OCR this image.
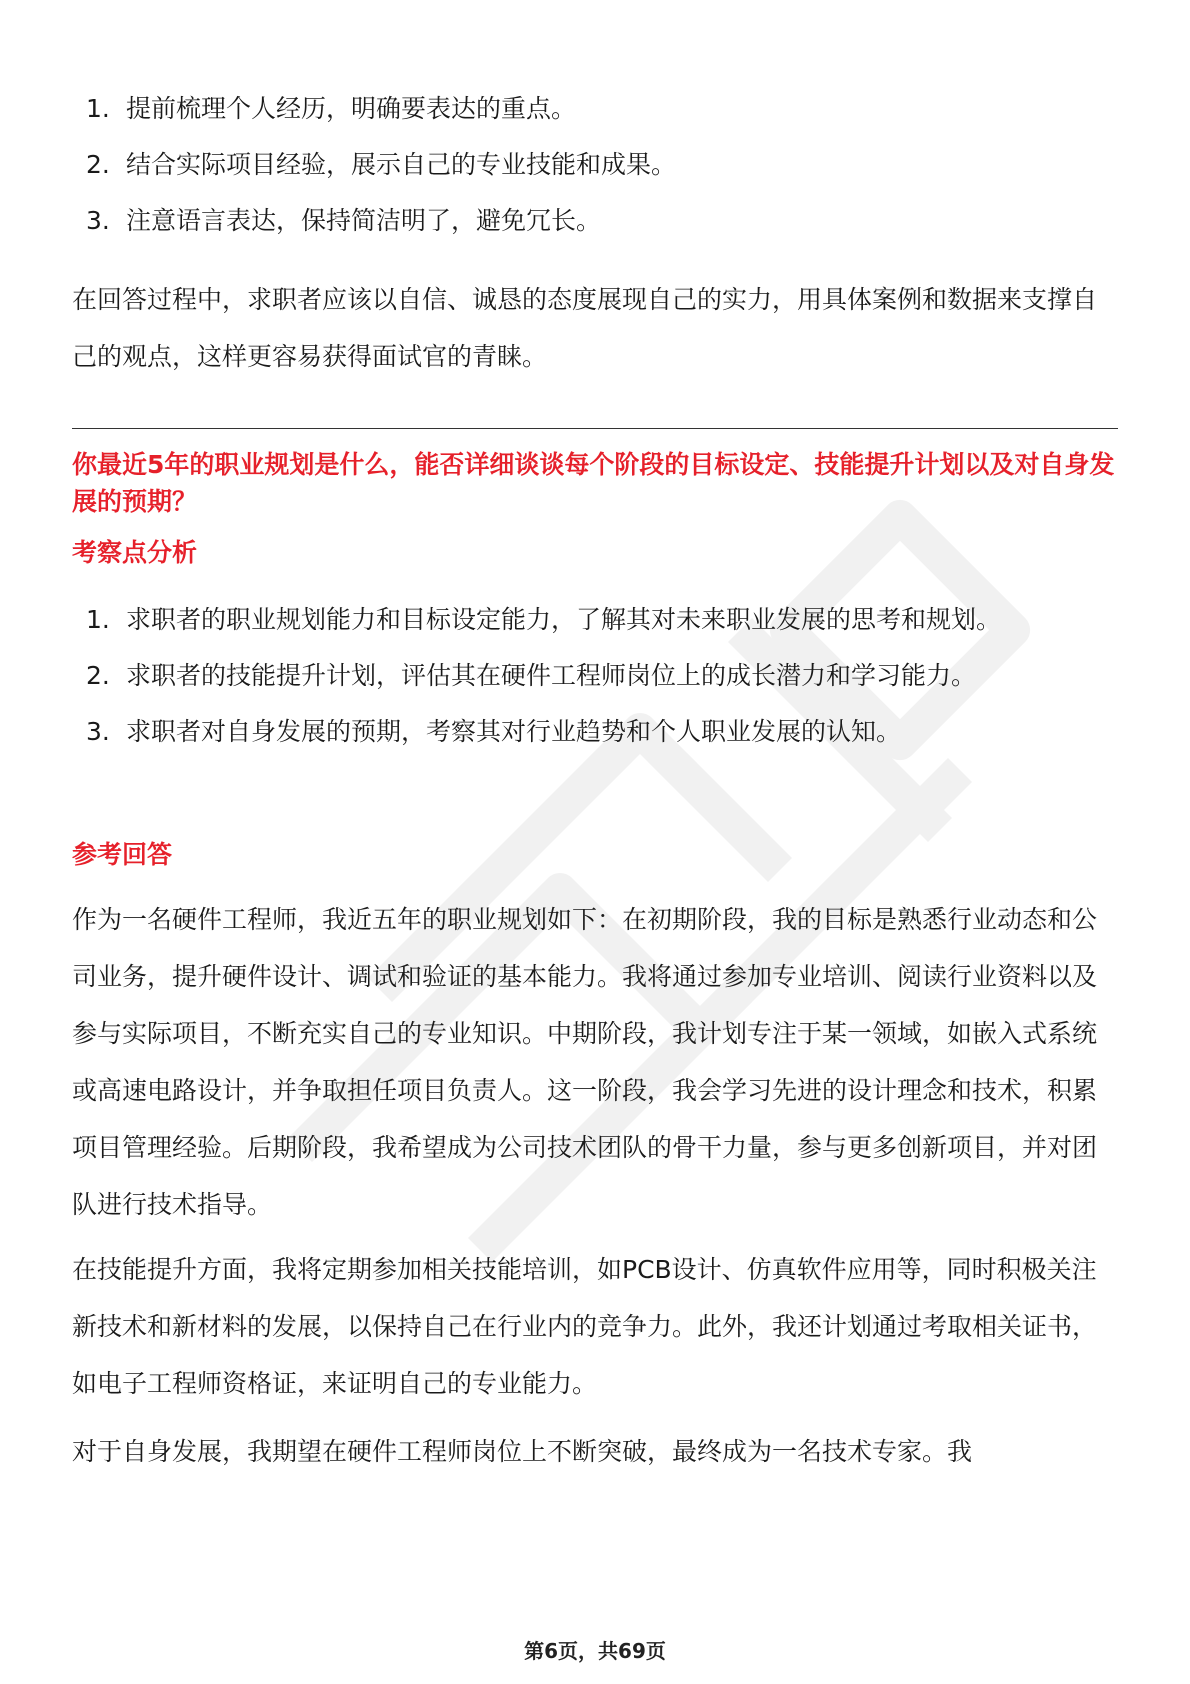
1. 提前梳理个人经历，明确要表达的重点。
2. 结合实际项目经验，展示自己的专业技能和成果。
3. 注意语言表达，保持简洁明了，避免冗长。

在回答过程中，求职者应该以自信、诚恳的态度展现自己的实力，用具体案例和数据来支撑自己的观点，这样更容易获得面试官的青睐。

你最近5年的职业规划是什么，能否详细谈谈每个阶段的目标设定、技能提升计划以及对自身发展的预期？

考察点分析

1. 求职者的职业规划能力和目标设定能力，了解其对未来职业发展的思考和规划。
2. 求职者的技能提升计划，评估其在硬件工程师岗位上的成长潜力和学习能力。
3. 求职者对自身发展的预期，考察其对行业趋势和个人职业发展的认知。

参考回答

作为一名硬件工程师，我近五年的职业规划如下：在初期阶段，我的目标是熟悉行业动态和公司业务，提升硬件设计、调试和验证的基本能力。我将通过参加专业培训、阅读行业资料以及参与实际项目，不断充实自己的专业知识。中期阶段，我计划专注于某一领域，如嵌入式系统或高速电路设计，并争取担任项目负责人。这一阶段，我会学习先进的设计理念和技术，积累项目管理经验。后期阶段，我希望成为公司技术团队的骨干力量，参与更多创新项目，并对团队进行技术指导。

在技能提升方面，我将定期参加相关技能培训，如PCB设计、仿真软件应用等，同时积极关注新技术和新材料的发展，以保持自己在行业内的竞争力。此外，我还计划通过考取相关证书，如电子工程师资格证，来证明自己的专业能力。

对于自身发展，我期望在硬件工程师岗位上不断突破，最终成为一名技术专家。我

第6页，共69页
